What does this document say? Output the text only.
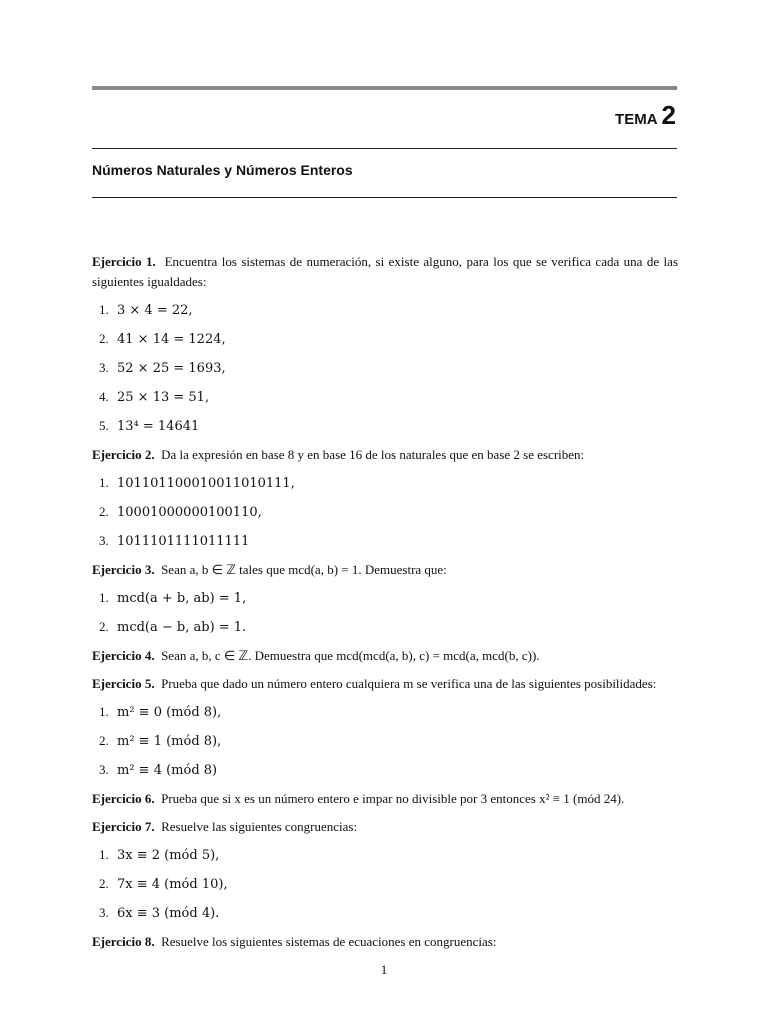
TEMA 2
Números Naturales y Números Enteros

Ejercicio 1. Encuentra los sistemas de numeración, si existe alguno, para los que se verifica cada una de las siguientes igualdades:

1. 3 × 4 = 22,
2. 41 × 14 = 1224,
3. 52 × 25 = 1693,
4. 25 × 13 = 51,
5. 13⁴ = 14641

Ejercicio 2. Da la expresión en base 8 y en base 16 de los naturales que en base 2 se escriben:

1. 101101100010011010111,
2. 10001000000100110,
3. 1011101111011111

Ejercicio 3. Sean a, b ∈ ℤ tales que mcd(a, b) = 1. Demuestra que:

1. mcd(a + b, ab) = 1,
2. mcd(a − b, ab) = 1.

Ejercicio 4. Sean a, b, c ∈ ℤ. Demuestra que mcd(mcd(a, b), c) = mcd(a, mcd(b, c)).

Ejercicio 5. Prueba que dado un número entero cualquiera m se verifica una de las siguientes posibilidades:

1. m² ≡ 0 (mód 8),
2. m² ≡ 1 (mód 8),
3. m² ≡ 4 (mód 8)

Ejercicio 6. Prueba que si x es un número entero e impar no divisible por 3 entonces x² ≡ 1 (mód 24).

Ejercicio 7. Resuelve las siguientes congruencias:

1. 3x ≡ 2 (mód 5),
2. 7x ≡ 4 (mód 10),
3. 6x ≡ 3 (mód 4).

Ejercicio 8. Resuelve los siguientes sistemas de ecuaciones en congruencias:

1
